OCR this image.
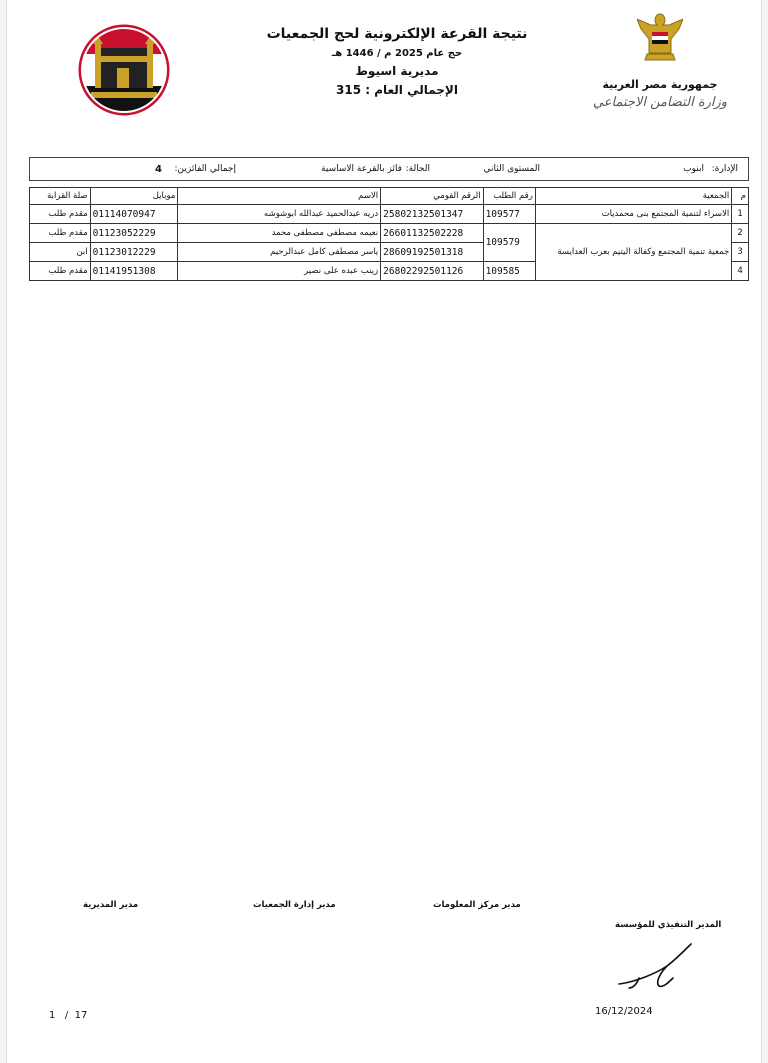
نتيجة القرعة الإلكترونية لحج الجمعيات
حج عام 2025 م / 1446 هـ
مديرية اسيوط
الإجمالي العام : 315	جمهورية مصر العربية
وزارة التضامن الاجتماعي
الإدارة:
ابنوب
المستوى الثاني
الحالة:
فائز بالقرعة الاساسية
إجمالي الفائزين:
4
م	الجمعية	رقم الطلب	الرقم القومي	الاسم	موبايل	صلة القرابة
1	الاسراء لتنمية المجتمع بنى محمديات	109577	25802132501347	دريه عبدالحميد عبدالله ابوشوشه	01114070947	مقدم طلب
2	جمعية تنمية المجتمع وكفالة اليتيم بعرب العدايسة	109579	26601132502228	نعيمه مصطفى مصطفى محمد	01123052229	مقدم طلب
3			28609192501318	ياسر مصطفى كامل عبدالرحيم	01123012229	ابن
4		109585	26802292501126	زينب عبده على نصير	01141951308	مقدم طلب
مدير المديرية	مدير إدارة الجمعيات	مدير مركز المعلومات
المدير التنفيذي للمؤسسة
1   /  17	16/12/2024
